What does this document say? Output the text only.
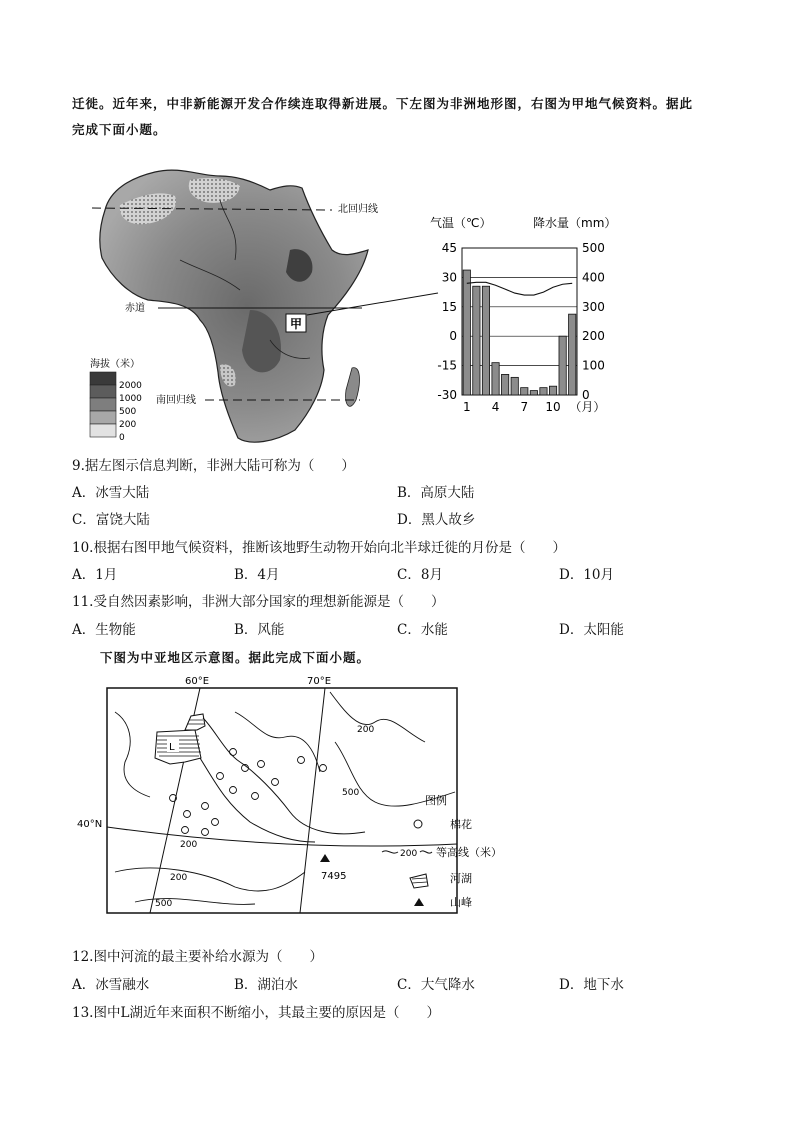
迁徙。近年来，中非新能源开发合作续连取得新进展。下左图为非洲地形图，右图为甲地气候资料。据此
完成下面小题。
甲
北回归线
赤道
南回归线
海拔（米）
2000
1000
500
200
0
45	500
30	400
15	300
0	200
-15	100
-30	0
气温（℃）	降水量（mm）
1 4 7 10 （月）
9.据左图示信息判断，非洲大陆可称为（　　）
A．冰雪大陆	B．高原大陆
C．富饶大陆	D．黑人故乡
10.根据右图甲地气候资料，推断该地野生动物开始向北半球迁徙的月份是（　　）
A．1月	B．4月	C．8月	D．10月
11.受自然因素影响，非洲大部分国家的理想新能源是（　　）
A．生物能	B．风能	C．水能	D．太阳能
下图为中亚地区示意图。据此完成下面小题。
60°E	70°E
40°N
L
200
500
200
200
500
7495
图例
棉花
200 等高线（米）
河湖
山峰
12.图中河流的最主要补给水源为（　　）
A．冰雪融水	B．湖泊水	C．大气降水	D．地下水
13.图中L湖近年来面积不断缩小，其最主要的原因是（　　）
